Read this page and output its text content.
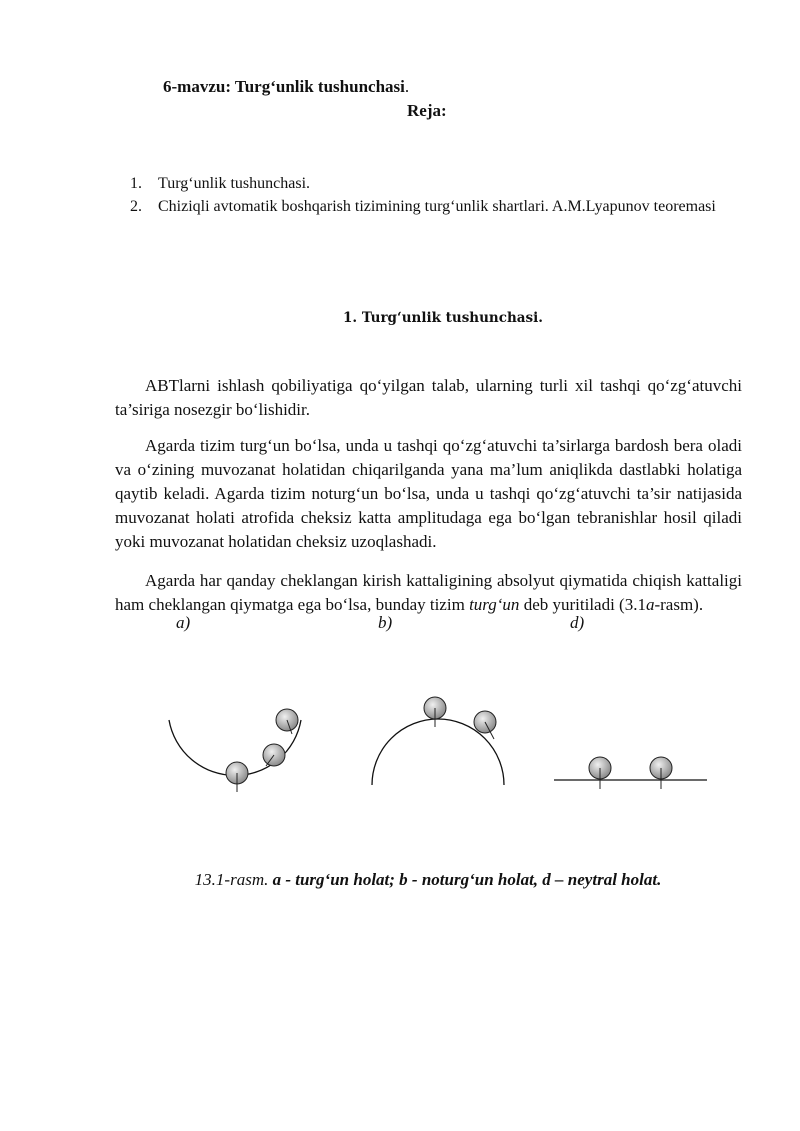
6-mavzu: Turg‘unlik tushunchasi.
Reja:
1. Turg‘unlik tushunchasi.
2. Chiziqli avtomatik boshqarish tizimining turg‘unlik shartlari. A.M.Lyapunov teoremasi
1. Turg‘unlik tushunchasi.
ABTlarni ishlash qobiliyatiga qo‘yilgan talab, ularning turli xil tashqi qo‘zg‘atuvchi ta’siriga nosezgir bo‘lishidir.
Agarda tizim turg‘un bo‘lsa, unda u tashqi qo‘zg‘atuvchi ta’sirlarga bardosh bera oladi va o‘zining muvozanat holatidan chiqarilganda yana ma’lum aniqlikda dastlabki holatiga qaytib keladi. Agarda tizim noturg‘un bo‘lsa, unda u tashqi qo‘zg‘atuvchi ta’sir natijasida muvozanat holati atrofida cheksiz katta amplitudaga ega bo‘lgan tebranishlar hosil qiladi yoki muvozanat holatidan cheksiz uzoqlashadi.
Agarda har qanday cheklangan kirish kattaligining absolyut qiymatida chiqish kattaligi ham cheklangan qiymatga ega bo‘lsa, bunday tizim turg‘un deb yuritiladi (3.1a-rasm).
a)	b)	d)
13.1-rasm. a - turg‘un holat; b - noturg‘un holat, d – neytral holat.
